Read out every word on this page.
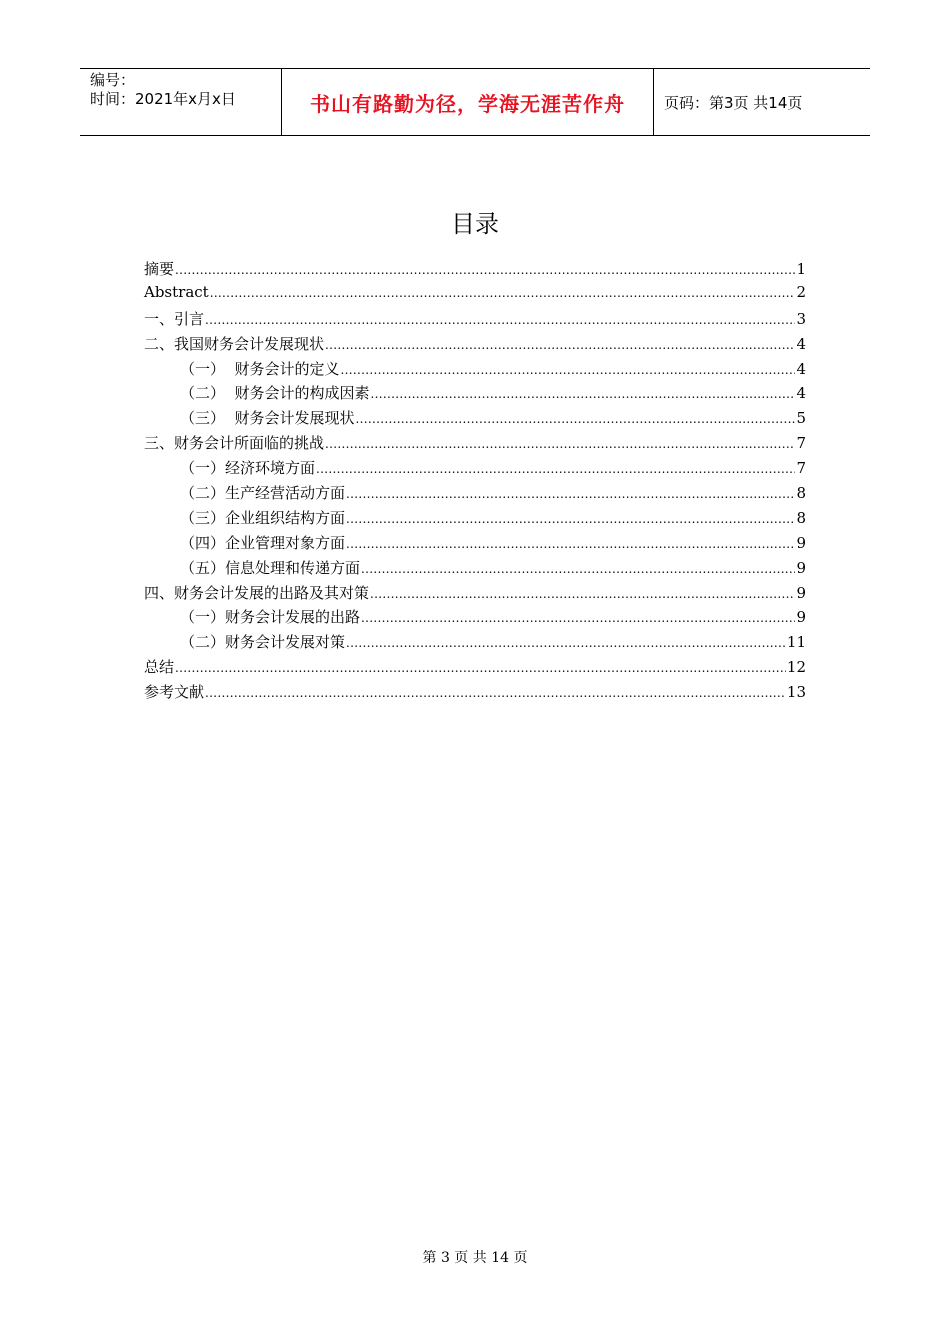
编号：
时间：2021年x月x日	书山有路勤为径，学海无涯苦作舟	页码：第3页 共14页
目录
摘要 .....	1
Abstract .....	2
一、引言 .....	3
二、我国财务会计发展现状 .....	4
（一）  财务会计的定义 .....	4
（二）  财务会计的构成因素 .....	4
（三）  财务会计发展现状 .....	5
三、财务会计所面临的挑战 .....	7
（一）经济环境方面 .....	7
（二）生产经营活动方面 .....	8
（三）企业组织结构方面 .....	8
（四）企业管理对象方面 .....	9
（五）信息处理和传递方面 .....	9
四、财务会计发展的出路及其对策 .....	9
（一）财务会计发展的出路 .....	9
（二）财务会计发展对策 .....	11
总结 .....	12
参考文献 .....	13
第 3 页 共 14 页
